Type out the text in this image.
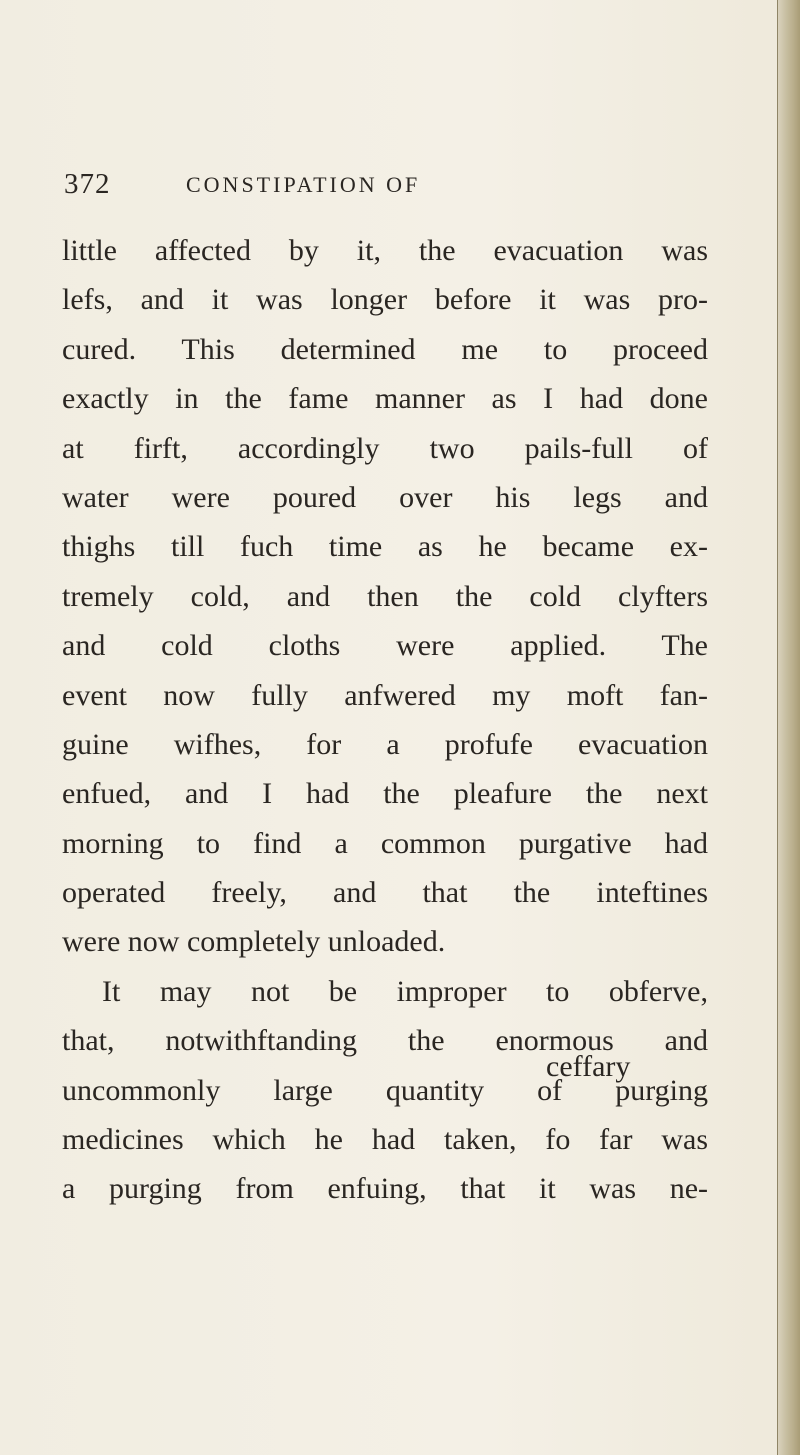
372	CONSTIPATION OF
little affected by it, the evacuation was
lefs, and it was longer before it was pro-
cured. This determined me to proceed
exactly in the fame manner as I had done
at firft, accordingly two pails-full of
water were poured over his legs and
thighs till fuch time as he became ex-
tremely cold, and then the cold clyfters
and cold cloths were applied. The
event now fully anfwered my moft fan-
guine wifhes, for a profufe evacuation
enfued, and I had the pleafure the next
morning to find a common purgative had
operated freely, and that the inteftines
were now completely unloaded.
It may not be improper to obferve,
that, notwithftanding the enormous and
uncommonly large quantity of purging
medicines which he had taken, fo far was
a purging from enfuing, that it was ne-
ceffary
